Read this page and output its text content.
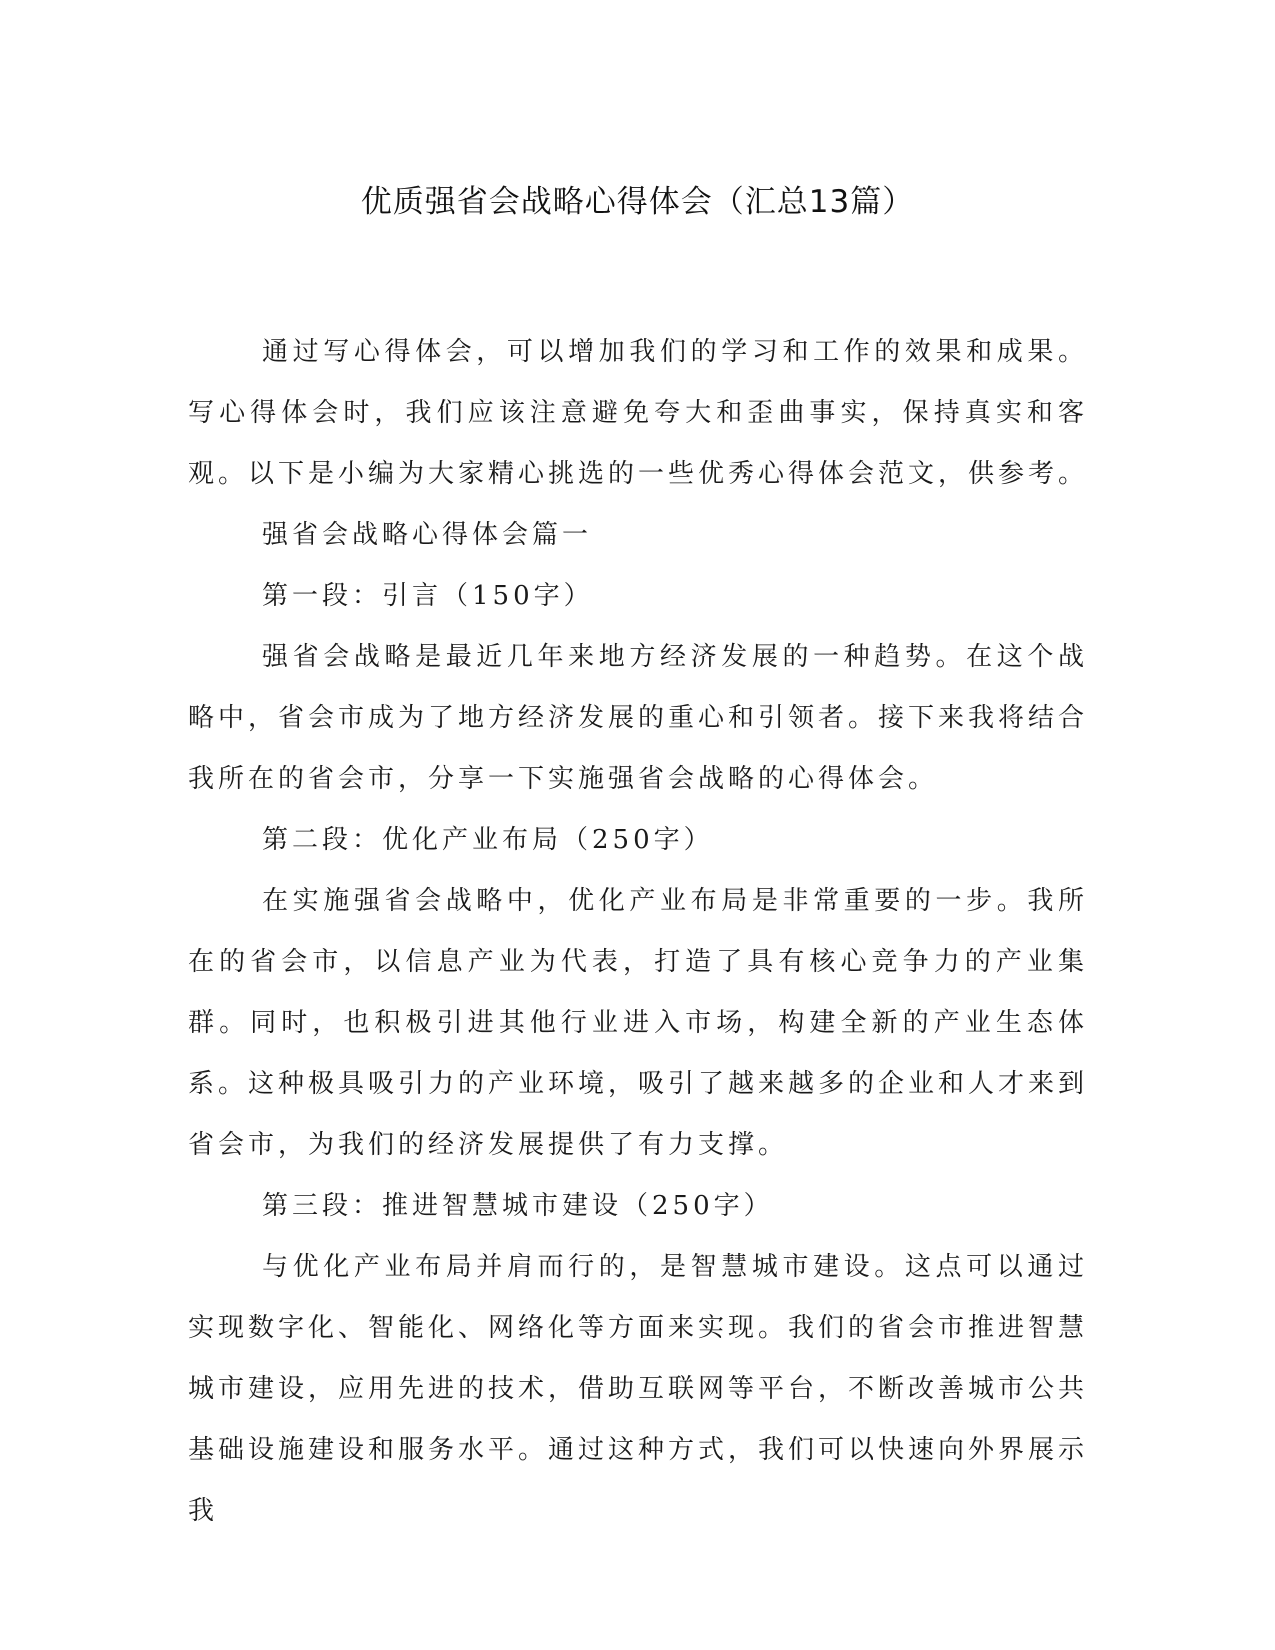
优质强省会战略心得体会（汇总13篇）

通过写心得体会，可以增加我们的学习和工作的效果和成果。写心得体会时，我们应该注意避免夸大和歪曲事实，保持真实和客观。以下是小编为大家精心挑选的一些优秀心得体会范文，供参考。

强省会战略心得体会篇一

第一段：引言（150字）

强省会战略是最近几年来地方经济发展的一种趋势。在这个战略中，省会市成为了地方经济发展的重心和引领者。接下来我将结合我所在的省会市，分享一下实施强省会战略的心得体会。

第二段：优化产业布局（250字）

在实施强省会战略中，优化产业布局是非常重要的一步。我所在的省会市，以信息产业为代表，打造了具有核心竞争力的产业集群。同时，也积极引进其他行业进入市场，构建全新的产业生态体系。这种极具吸引力的产业环境，吸引了越来越多的企业和人才来到省会市，为我们的经济发展提供了有力支撑。

第三段：推进智慧城市建设（250字）

与优化产业布局并肩而行的，是智慧城市建设。这点可以通过实现数字化、智能化、网络化等方面来实现。我们的省会市推进智慧城市建设，应用先进的技术，借助互联网等平台，不断改善城市公共基础设施建设和服务水平。通过这种方式，我们可以快速向外界展示我
